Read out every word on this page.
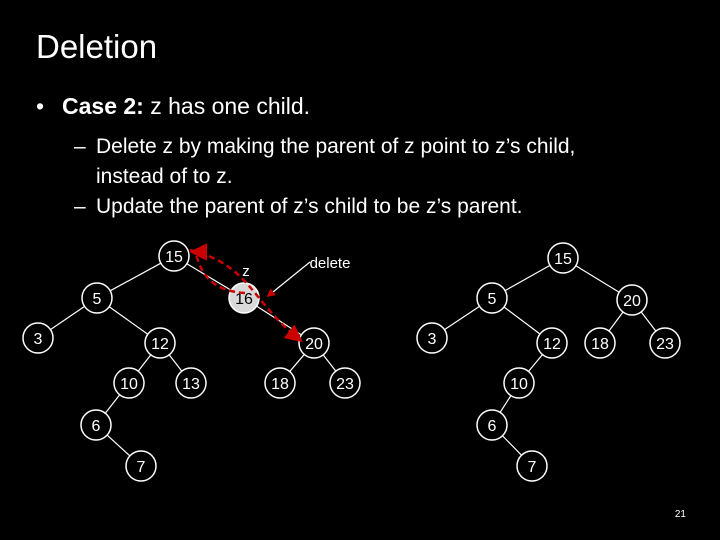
Deletion
• Case 2: z has one child.
– Delete z by making the parent of z point to z’s child,
instead of to z.
– Update the parent of z’s child to be z’s parent.
15
5	16
3	12	20
10	13	18	23
6
7
15
5	20
3	12 18	23
10
6
7
z	delete
21
